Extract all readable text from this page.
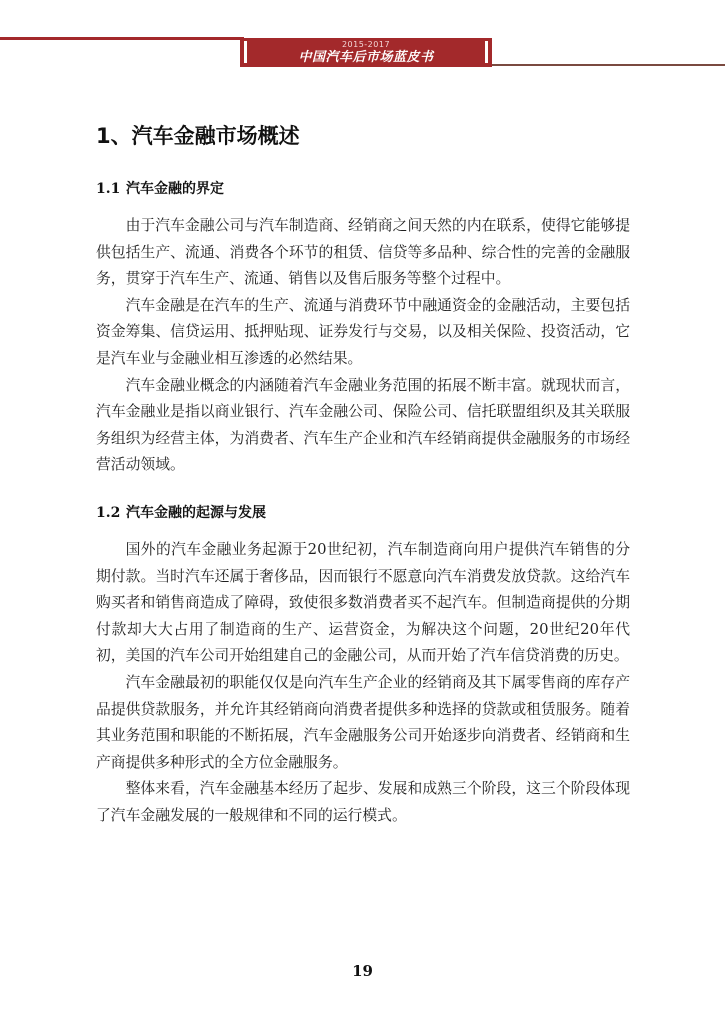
2015-2017
中国汽车后市场蓝皮书
1、汽车金融市场概述
1.1 汽车金融的界定

由于汽车金融公司与汽车制造商、经销商之间天然的内在联系，使得它能够提供包括生产、流通、消费各个环节的租赁、信贷等多品种、综合性的完善的金融服务，贯穿于汽车生产、流通、销售以及售后服务等整个过程中。

汽车金融是在汽车的生产、流通与消费环节中融通资金的金融活动，主要包括资金筹集、信贷运用、抵押贴现、证券发行与交易，以及相关保险、投资活动，它是汽车业与金融业相互渗透的必然结果。

汽车金融业概念的内涵随着汽车金融业务范围的拓展不断丰富。就现状而言，汽车金融业是指以商业银行、汽车金融公司、保险公司、信托联盟组织及其关联服务组织为经营主体，为消费者、汽车生产企业和汽车经销商提供金融服务的市场经营活动领域。

1.2 汽车金融的起源与发展

国外的汽车金融业务起源于20世纪初，汽车制造商向用户提供汽车销售的分期付款。当时汽车还属于奢侈品，因而银行不愿意向汽车消费发放贷款。这给汽车购买者和销售商造成了障碍，致使很多数消费者买不起汽车。但制造商提供的分期付款却大大占用了制造商的生产、运营资金，为解决这个问题，20世纪20年代初，美国的汽车公司开始组建自己的金融公司，从而开始了汽车信贷消费的历史。

汽车金融最初的职能仅仅是向汽车生产企业的经销商及其下属零售商的库存产品提供贷款服务，并允许其经销商向消费者提供多种选择的贷款或租赁服务。随着其业务范围和职能的不断拓展，汽车金融服务公司开始逐步向消费者、经销商和生产商提供多种形式的全方位金融服务。

整体来看，汽车金融基本经历了起步、发展和成熟三个阶段，这三个阶段体现了汽车金融发展的一般规律和不同的运行模式。

19
